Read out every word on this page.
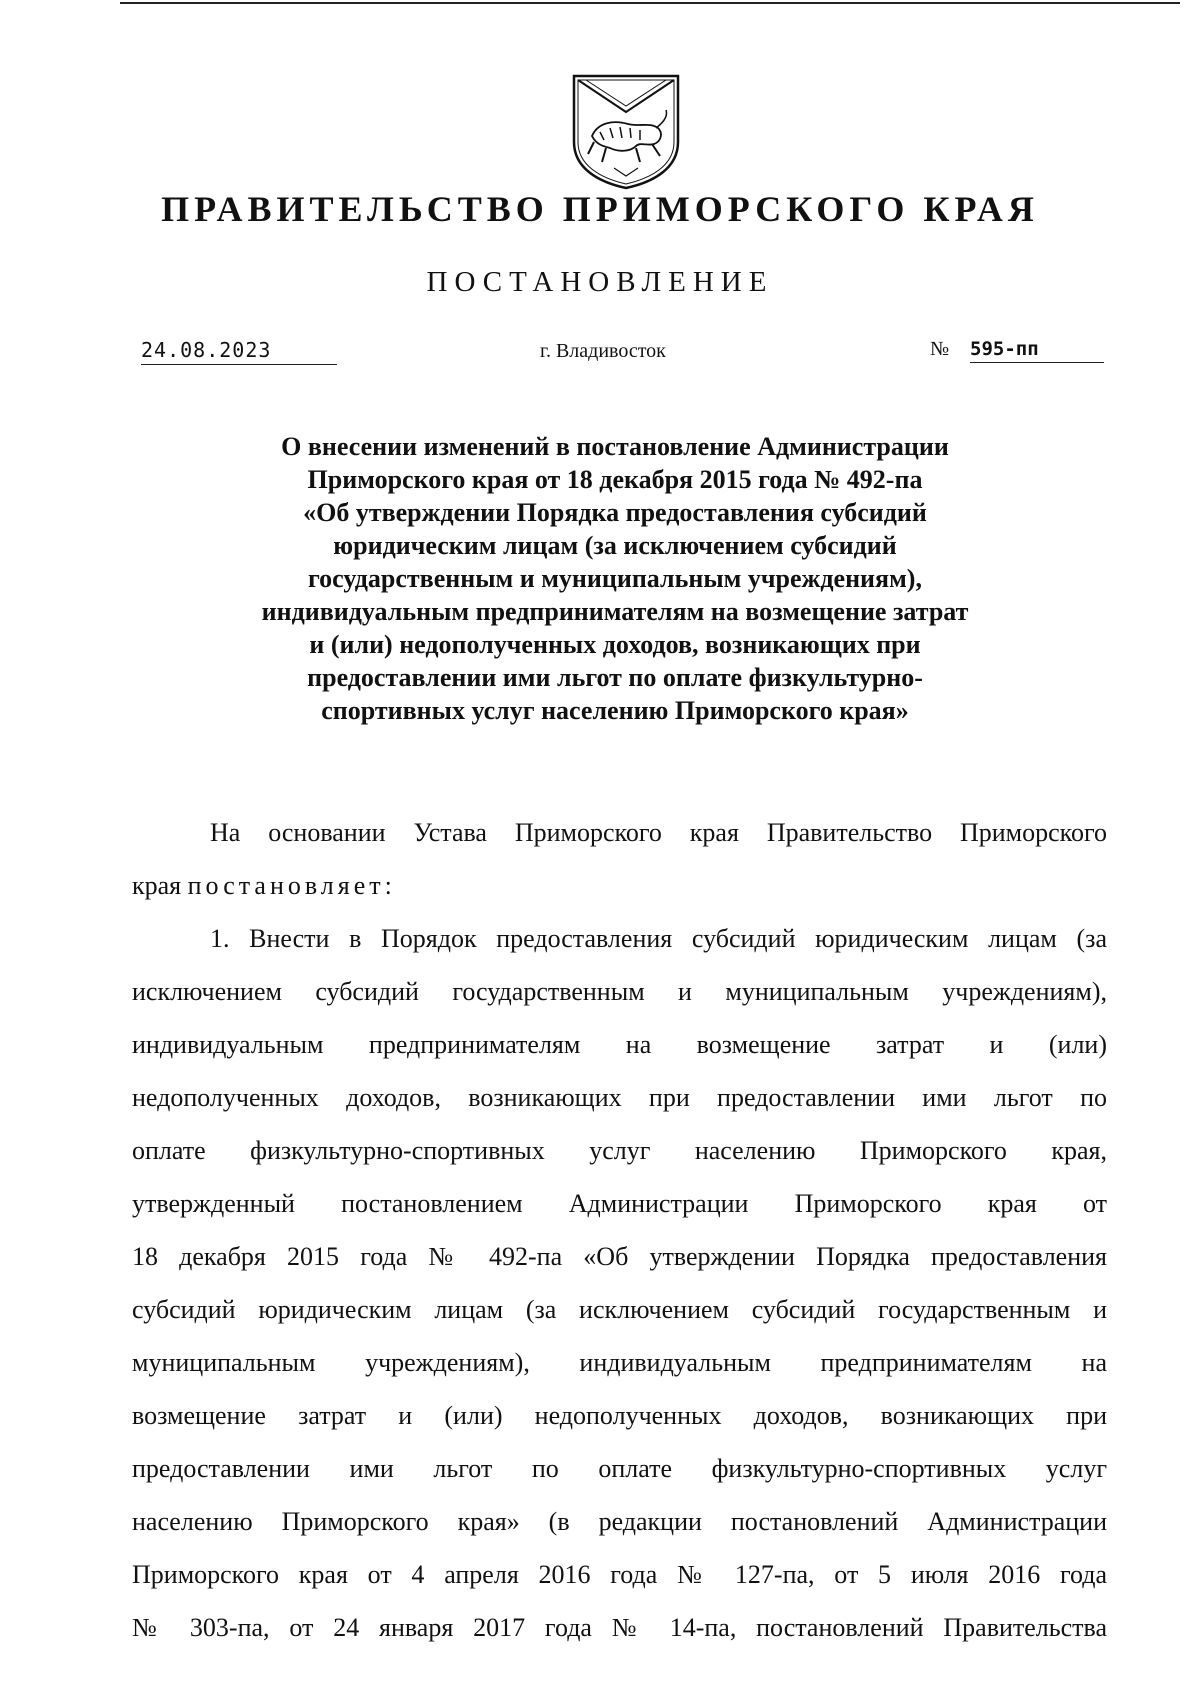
ПРАВИТЕЛЬСТВО ПРИМОРСКОГО КРАЯ
ПОСТАНОВЛЕНИЕ
24.08.2023	г. Владивосток	№ 595-пп
О внесении изменений в постановление Администрации
Приморского края от 18 декабря 2015 года № 492-па
«Об утверждении Порядка предоставления субсидий
юридическим лицам (за исключением субсидий
государственным и муниципальным учреждениям),
индивидуальным предпринимателям на возмещение затрат
и (или) недополученных доходов, возникающих при
предоставлении ими льгот по оплате физкультурно-
спортивных услуг населению Приморского края»
На основании Устава Приморского края Правительство Приморского
края постановляет:
1. Внести в Порядок предоставления субсидий юридическим лицам (за
исключением субсидий государственным и муниципальным учреждениям),
индивидуальным предпринимателям на возмещение затрат и (или)
недополученных доходов, возникающих при предоставлении ими льгот по
оплате физкультурно-спортивных услуг населению Приморского края,
утвержденный постановлением Администрации Приморского края от
18 декабря 2015 года № 492-па «Об утверждении Порядка предоставления
субсидий юридическим лицам (за исключением субсидий государственным и
муниципальным учреждениям), индивидуальным предпринимателям на
возмещение затрат и (или) недополученных доходов, возникающих при
предоставлении ими льгот по оплате физкультурно-спортивных услуг
населению Приморского края» (в редакции постановлений Администрации
Приморского края от 4 апреля 2016 года № 127-па, от 5 июля 2016 года
№ 303-па, от 24 января 2017 года № 14-па, постановлений Правительства
